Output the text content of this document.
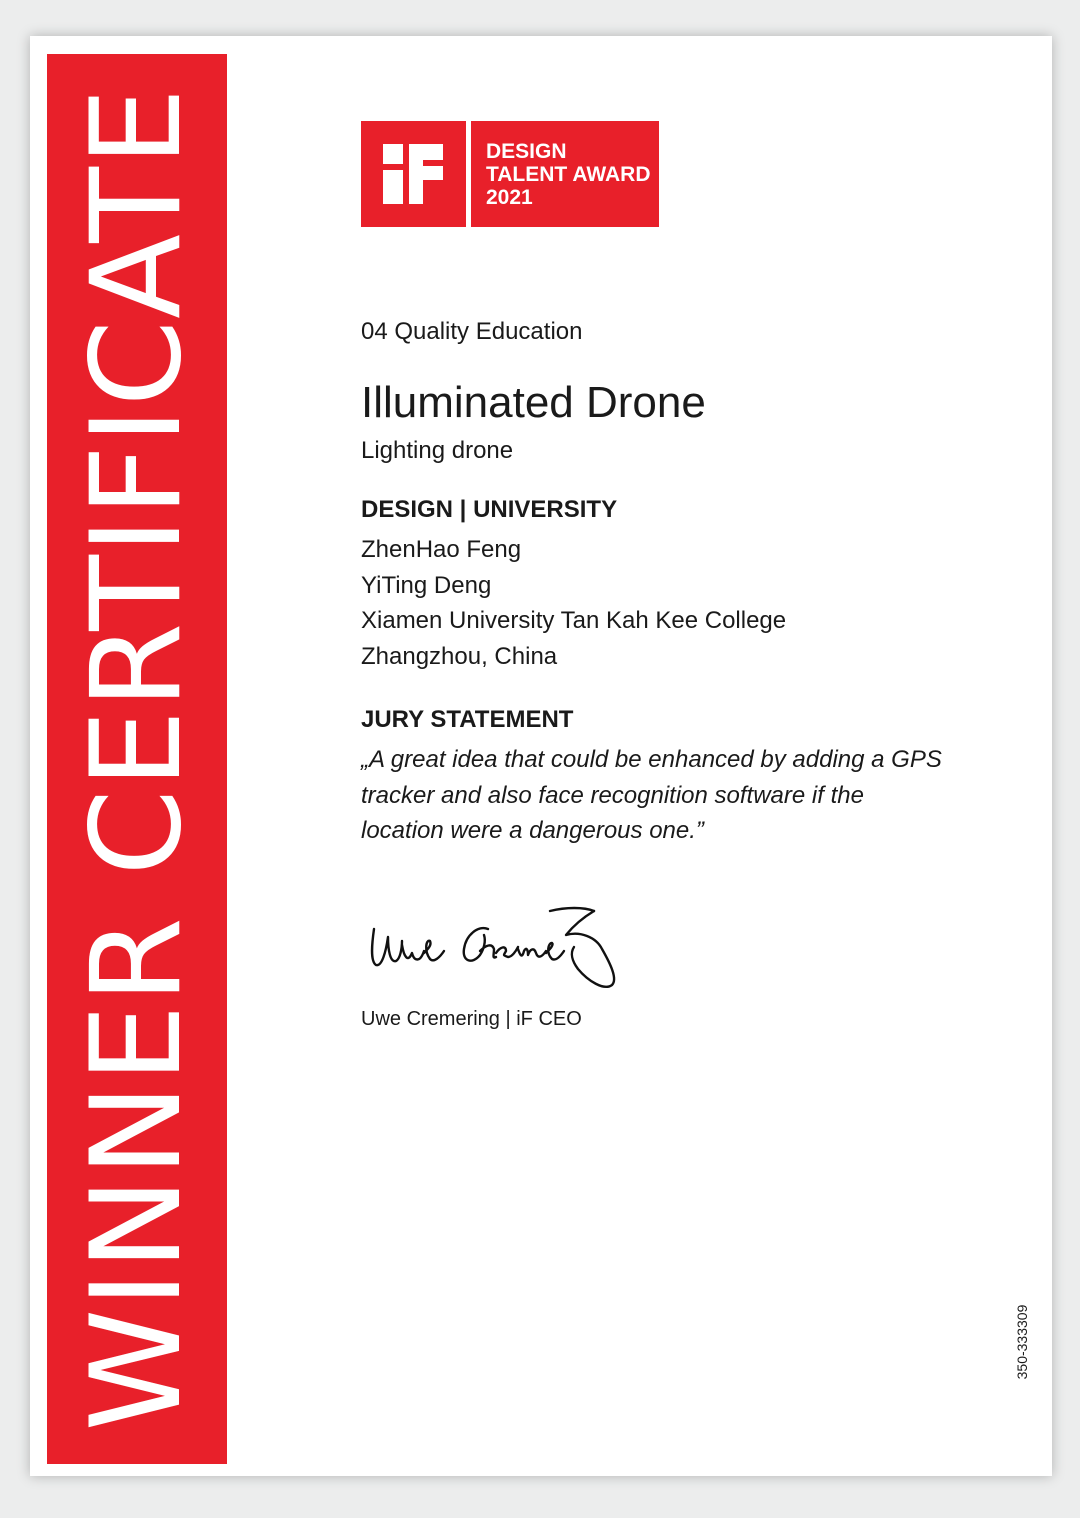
WINNER CERTIFICATE	DESIGN
TALENT AWARD
2021
04 Quality Education
Illuminated Drone
Lighting drone
DESIGN | UNIVERSITY
ZhenHao Feng
YiTing Deng
Xiamen University Tan Kah Kee College
Zhangzhou, China
JURY STATEMENT
„A great idea that could be enhanced by adding a GPS
tracker and also face recognition software if the
location were a dangerous one.”
Uwe Cremering | iF CEO
350-333309
